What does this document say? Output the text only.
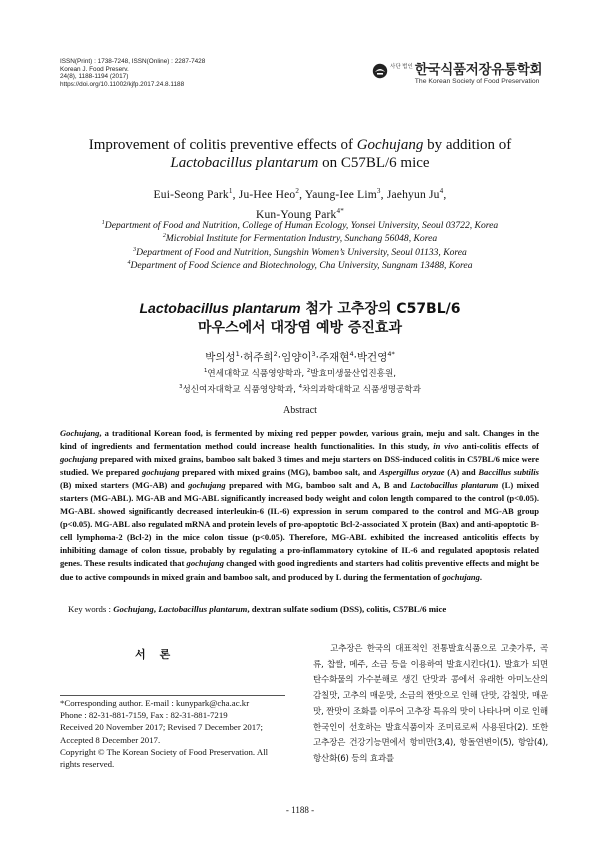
ISSN(Print) : 1738-7248, ISSN(Online) : 2287-7428
Korean J. Food Preserv.
24(8), 1188-1194 (2017)
https://doi.org/10.11002/kjfp.2017.24.8.1188
사단 법인 한국식품저장유통학회
The Korean Society of Food Preservation
Improvement of colitis preventive effects of Gochujang by addition of
Lactobacillus plantarum on C57BL/6 mice
Eui-Seong Park$^1$, Ju-Hee Heo$^2$, Yaung-Iee Lim$^3$, Jaehyun Ju$^4$,
Kun-Young Park$^{4*}$
$^1$Department of Food and Nutrition, College of Human Ecology, Yonsei University, Seoul 03722, Korea
$^2$Microbial Institute for Fermentation Industry, Sunchang 56048, Korea
$^3$Department of Food and Nutrition, Sungshin Women’s University, Seoul 01133, Korea
$^4$Department of Food Science and Biotechnology, Cha University, Sungnam 13488, Korea
Lactobacillus plantarum 첨가 고추장의 C57BL/6
마우스에서 대장염 예방 증진효과
박의성$^1$·허주희$^2$·임양이$^3$·주재현$^4$·박건영$^{4*}$
$^1$연세대학교 식품영양학과, $^2$발효미생물산업진흥원,
$^3$성신여자대학교 식품영양학과, $^4$차의과학대학교 식품생명공학과
Abstract
Gochujang, a traditional Korean food, is fermented by mixing red pepper powder, various grain, meju and salt. Changes in the kind of ingredients and fermentation method could increase health functionalities. In this study, in vivo anti-colitis effects of gochujang prepared with mixed grains, bamboo salt baked 3 times and meju starters on DSS-induced colitis in C57BL/6 mice were studied. We prepared gochujang prepared with mixed grains (MG), bamboo salt, and Aspergillus oryzae (A) and Baccillus subtilis (B) mixed starters (MG-AB) and gochujang prepared with MG, bamboo salt and A, B and Lactobacillus plantarum (L) mixed starters (MG-ABL). MG-AB and MG-ABL significantly increased body weight and colon length compared to the control (p<0.05). MG-ABL showed significantly decreased interleukin-6 (IL-6) expression in serum compared to the control and MG-AB group (p<0.05). MG-ABL also regulated mRNA and protein levels of pro-apoptotic Bcl-2-associated X protein (Bax) and anti-apoptotic B-cell lymphoma-2 (Bcl-2) in the mice colon tissue (p<0.05). Therefore, MG-ABL exhibited the increased anticolitis effects by inhibiting damage of colon tissue, probably by regulating a pro-inflammatory cytokine of IL-6 and regulated apoptosis related genes. These results indicated that gochujang changed with good ingredients and starters had colitis preventive effects and might be due to active compounds in mixed grain and bamboo salt, and produced by L during the fermentation of gochujang.
Key words : Gochujang, Lactobacillus plantarum, dextran sulfate sodium (DSS), colitis, C57BL/6 mice
서론
*Corresponding author. E-mail : kunypark@cha.ac.kr
Phone : 82-31-881-7159, Fax : 82-31-881-7219
Received 20 November 2017; Revised 7 December 2017;
Accepted 8 December 2017.
Copyright © The Korean Society of Food Preservation. All
rights reserved.

고추장은 한국의 대표적인 전통발효식품으로 고춧가루, 곡류, 찹쌀, 메주, 소금 등을 이용하여 발효시킨다(1). 발효가 되면 탄수화물의 가수분해로 생긴 단맛과 콩에서 유래한 아미노산의 감칠맛, 고추의 매운맛, 소금의 짠맛으로 인해 단맛, 감칠맛, 매운맛, 짠맛이 조화를 이루어 고추장 특유의 맛이 나타나며 이로 인해 한국인이 선호하는 발효식품이자 조미료로써 사용된다(2). 또한 고추장은 건강기능면에서 항비만(3,4), 항돌연변이(5), 항암(4), 항산화(6) 등의 효과를

- 1188 -
